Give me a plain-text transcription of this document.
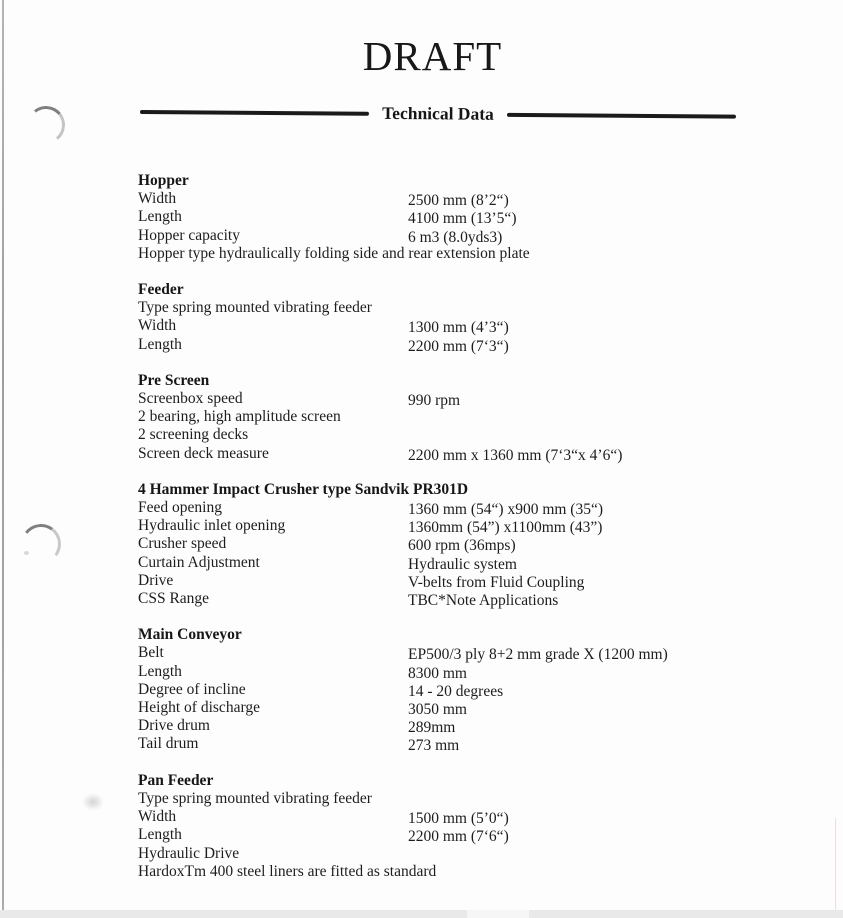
DRAFT
Technical Data
Hopper
Width	2500 mm (8’2“)
Length	4100 mm (13’5“)
Hopper capacity	6 m3 (8.0yds3)
Hopper type hydraulically folding side and rear extension plate
Feeder
Type spring mounted vibrating feeder
Width	1300 mm (4’3“)
Length	2200 mm (7‘3“)
Pre Screen
Screenbox speed	990 rpm
2 bearing, high amplitude screen
2 screening decks
Screen deck measure	2200 mm x 1360 mm (7‘3“x 4’6“)
4 Hammer Impact Crusher type Sandvik PR301D
Feed opening	1360 mm (54“) x900 mm (35“)
Hydraulic inlet opening	1360mm (54”) x1100mm (43”)
Crusher speed	600 rpm (36mps)
Curtain Adjustment	Hydraulic system
Drive	V-belts from Fluid Coupling
CSS Range	TBC*Note Applications
Main Conveyor
Belt	EP500/3 ply 8+2 mm grade X (1200 mm)
Length	8300 mm
Degree of incline	14 - 20 degrees
Height of discharge	3050 mm
Drive drum	289mm
Tail drum	273 mm
Pan Feeder
Type spring mounted vibrating feeder
Width	1500 mm (5’0“)
Length	2200 mm (7‘6“)
Hydraulic Drive
HardoxTm 400 steel liners are fitted as standard
